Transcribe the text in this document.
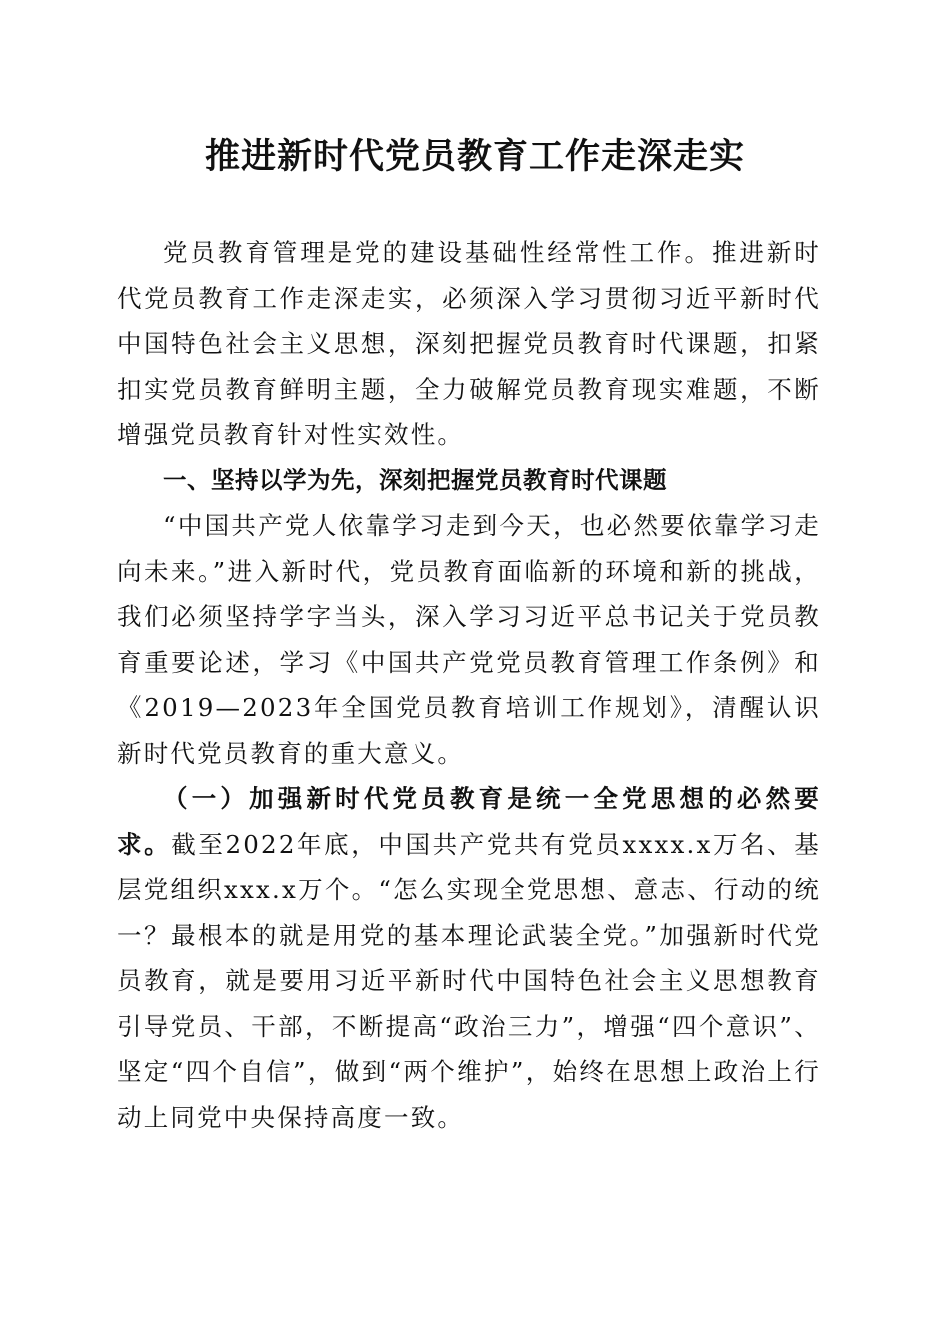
推进新时代党员教育工作走深走实

党员教育管理是党的建设基础性经常性工作。推进新时代党员教育工作走深走实，必须深入学习贯彻习近平新时代中国特色社会主义思想，深刻把握党员教育时代课题，扣紧扣实党员教育鲜明主题，全力破解党员教育现实难题，不断增强党员教育针对性实效性。

一、坚持以学为先，深刻把握党员教育时代课题

“中国共产党人依靠学习走到今天，也必然要依靠学习走向未来。”进入新时代，党员教育面临新的环境和新的挑战，我们必须坚持学字当头，深入学习习近平总书记关于党员教育重要论述，学习《中国共产党党员教育管理工作条例》和《2019—2023年全国党员教育培训工作规划》，清醒认识新时代党员教育的重大意义。

（一）加强新时代党员教育是统一全党思想的必然要求。截至2022年底，中国共产党共有党员xxxx.x万名、基层党组织xxx.x万个。“怎么实现全党思想、意志、行动的统一？最根本的就是用党的基本理论武装全党。”加强新时代党员教育，就是要用习近平新时代中国特色社会主义思想教育引导党员、干部，不断提高“政治三力”，增强“四个意识”、坚定“四个自信”，做到“两个维护”，始终在思想上政治上行动上同党中央保持高度一致。
